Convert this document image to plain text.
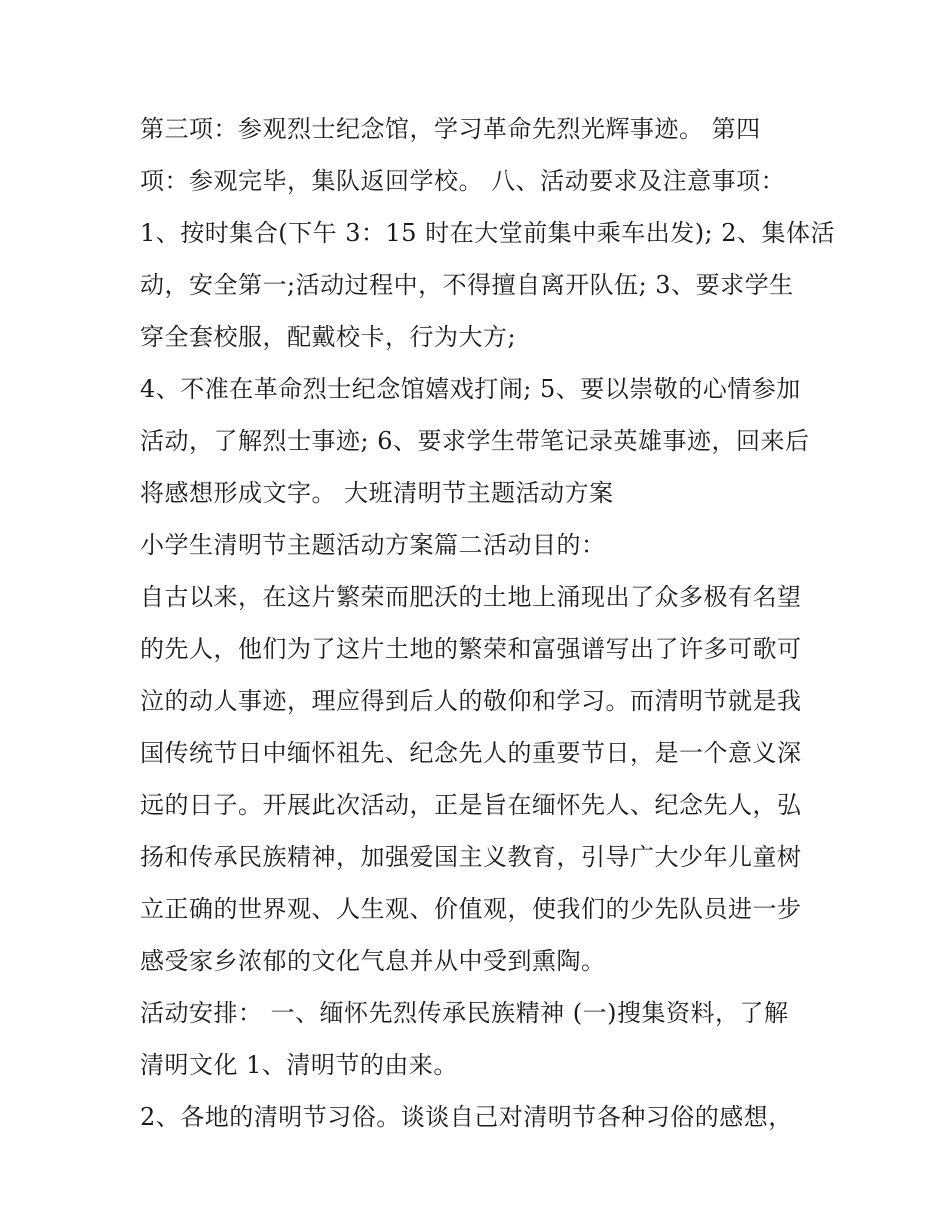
第三项：参观烈士纪念馆，学习革命先烈光辉事迹。 第四
项：参观完毕，集队返回学校。 八、活动要求及注意事项：
1、按时集合(下午 3：15 时在大堂前集中乘车出发); 2、集体活
动，安全第一;活动过程中，不得擅自离开队伍; 3、要求学生
穿全套校服，配戴校卡，行为大方;
4、不准在革命烈士纪念馆嬉戏打闹; 5、要以崇敬的心情参加
活动，了解烈士事迹; 6、要求学生带笔记录英雄事迹，回来后
将感想形成文字。 大班清明节主题活动方案
小学生清明节主题活动方案篇二活动目的：
自古以来，在这片繁荣而肥沃的土地上涌现出了众多极有名望
的先人，他们为了这片土地的繁荣和富强谱写出了许多可歌可
泣的动人事迹，理应得到后人的敬仰和学习。而清明节就是我
国传统节日中缅怀祖先、纪念先人的重要节日，是一个意义深
远的日子。开展此次活动，正是旨在缅怀先人、纪念先人，弘
扬和传承民族精神，加强爱国主义教育，引导广大少年儿童树
立正确的世界观、人生观、价值观，使我们的少先队员进一步
感受家乡浓郁的文化气息并从中受到熏陶。
活动安排： 一、缅怀先烈传承民族精神 (一)搜集资料，了解
清明文化 1、清明节的由来。
2、各地的清明节习俗。谈谈自己对清明节各种习俗的感想，
